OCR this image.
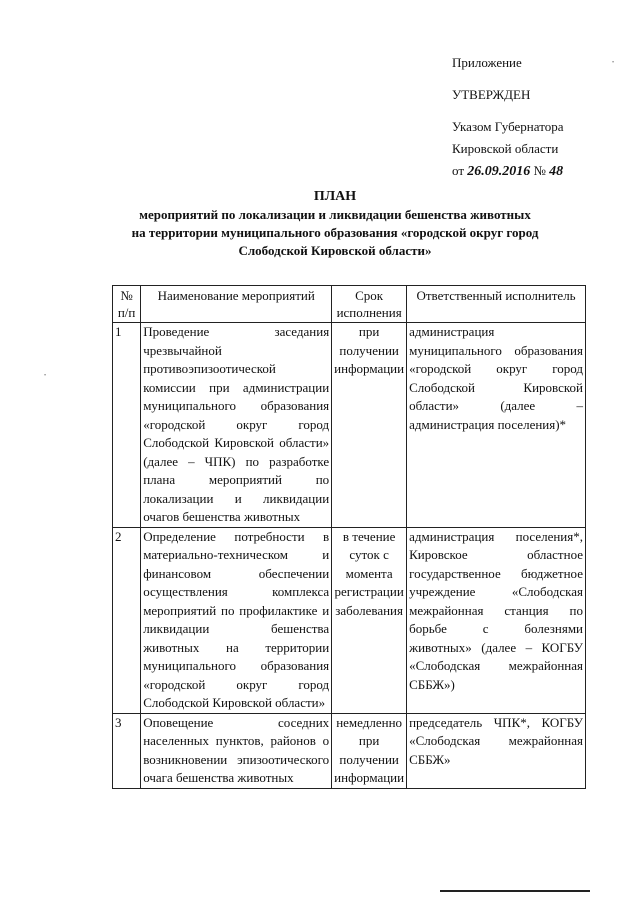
Приложение
УТВЕРЖДЕН
Указом Губернатора
Кировской области
от 26.09.2016 № 48
ПЛАН
мероприятий по локализации и ликвидации бешенства животных
на территории муниципального образования «городской округ город
Слободской Кировской области»
№ п/п	Наименование мероприятий	Срок исполнения	Ответственный исполнитель
1	Проведение заседания чрезвычайной противоэпизоотической комиссии при администрации муниципального образования «городской округ город Слободской Кировской области» (далее – ЧПК) по разработке плана мероприятий по локализации и ликвидации очагов бешенства животных	при получении информации	администрация муниципального образования «городской округ город Слободской Кировской области» (далее – администрация поселения)*
2	Определение потребности в материально-техническом и финансовом обеспечении осуществления комплекса мероприятий по профилактике и ликвидации бешенства животных на территории муниципального образования «городской округ город Слободской Кировской области»	в течение суток с момента регистрации заболевания	администрация поселения*, Кировское областное государственное бюджетное учреждение «Слободская межрайонная станция по борьбе с болезнями животных» (далее – КОГБУ «Слободская межрайонная СББЖ»)
3	Оповещение соседних населенных пунктов, районов о возникновении эпизоотического очага бешенства животных	немедленно при получении информации	председатель ЧПК*, КОГБУ «Слободская межрайонная СББЖ»
•
•
